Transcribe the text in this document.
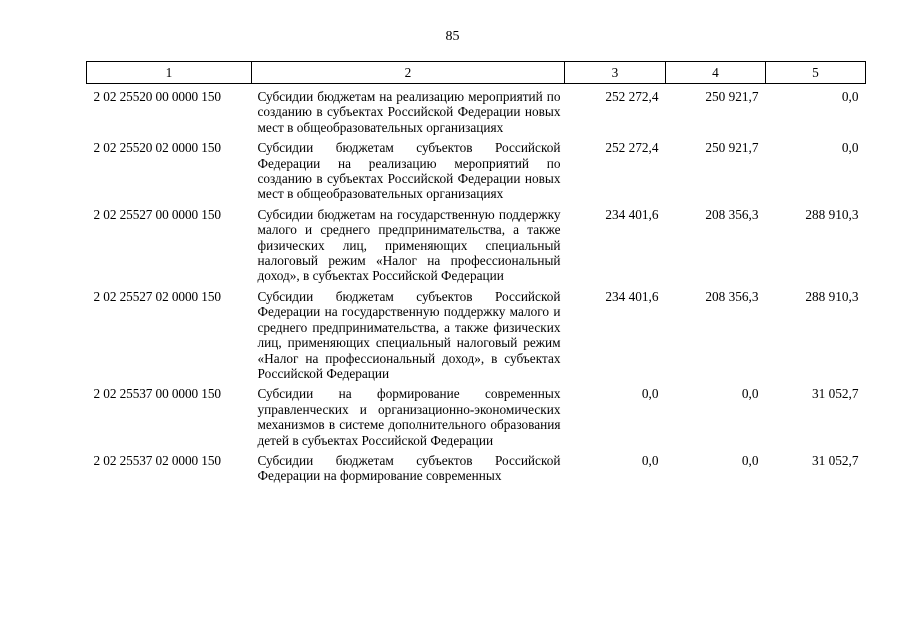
85
1	2	3	4	5
2 02 25520 00 0000 150	Субсидии бюджетам на реализацию мероприятий по созданию в субъектах Российской Федерации новых мест в общеобразовательных организациях	252 272,4	250 921,7	0,0
2 02 25520 02 0000 150	Субсидии бюджетам субъектов Российской Федерации на реализацию мероприятий по созданию в субъектах Российской Федерации новых мест в общеобразовательных организациях	252 272,4	250 921,7	0,0
2 02 25527 00 0000 150	Субсидии бюджетам на государственную поддержку малого и среднего предпринимательства, а также физических лиц, применяющих специальный налоговый режим «Налог на профессиональный доход», в субъектах Российской Федерации	234 401,6	208 356,3	288 910,3
2 02 25527 02 0000 150	Субсидии бюджетам субъектов Российской Федерации на государственную поддержку малого и среднего предпринимательства, а также физических лиц, применяющих специальный налоговый режим «Налог на профессиональный доход», в субъектах Российской Федерации	234 401,6	208 356,3	288 910,3
2 02 25537 00 0000 150	Субсидии на формирование современных управленческих и организационно-экономических механизмов в системе дополнительного образования детей в субъектах Российской Федерации	0,0	0,0	31 052,7
2 02 25537 02 0000 150	Субсидии бюджетам субъектов Российской Федерации на формирование современных	0,0	0,0	31 052,7
